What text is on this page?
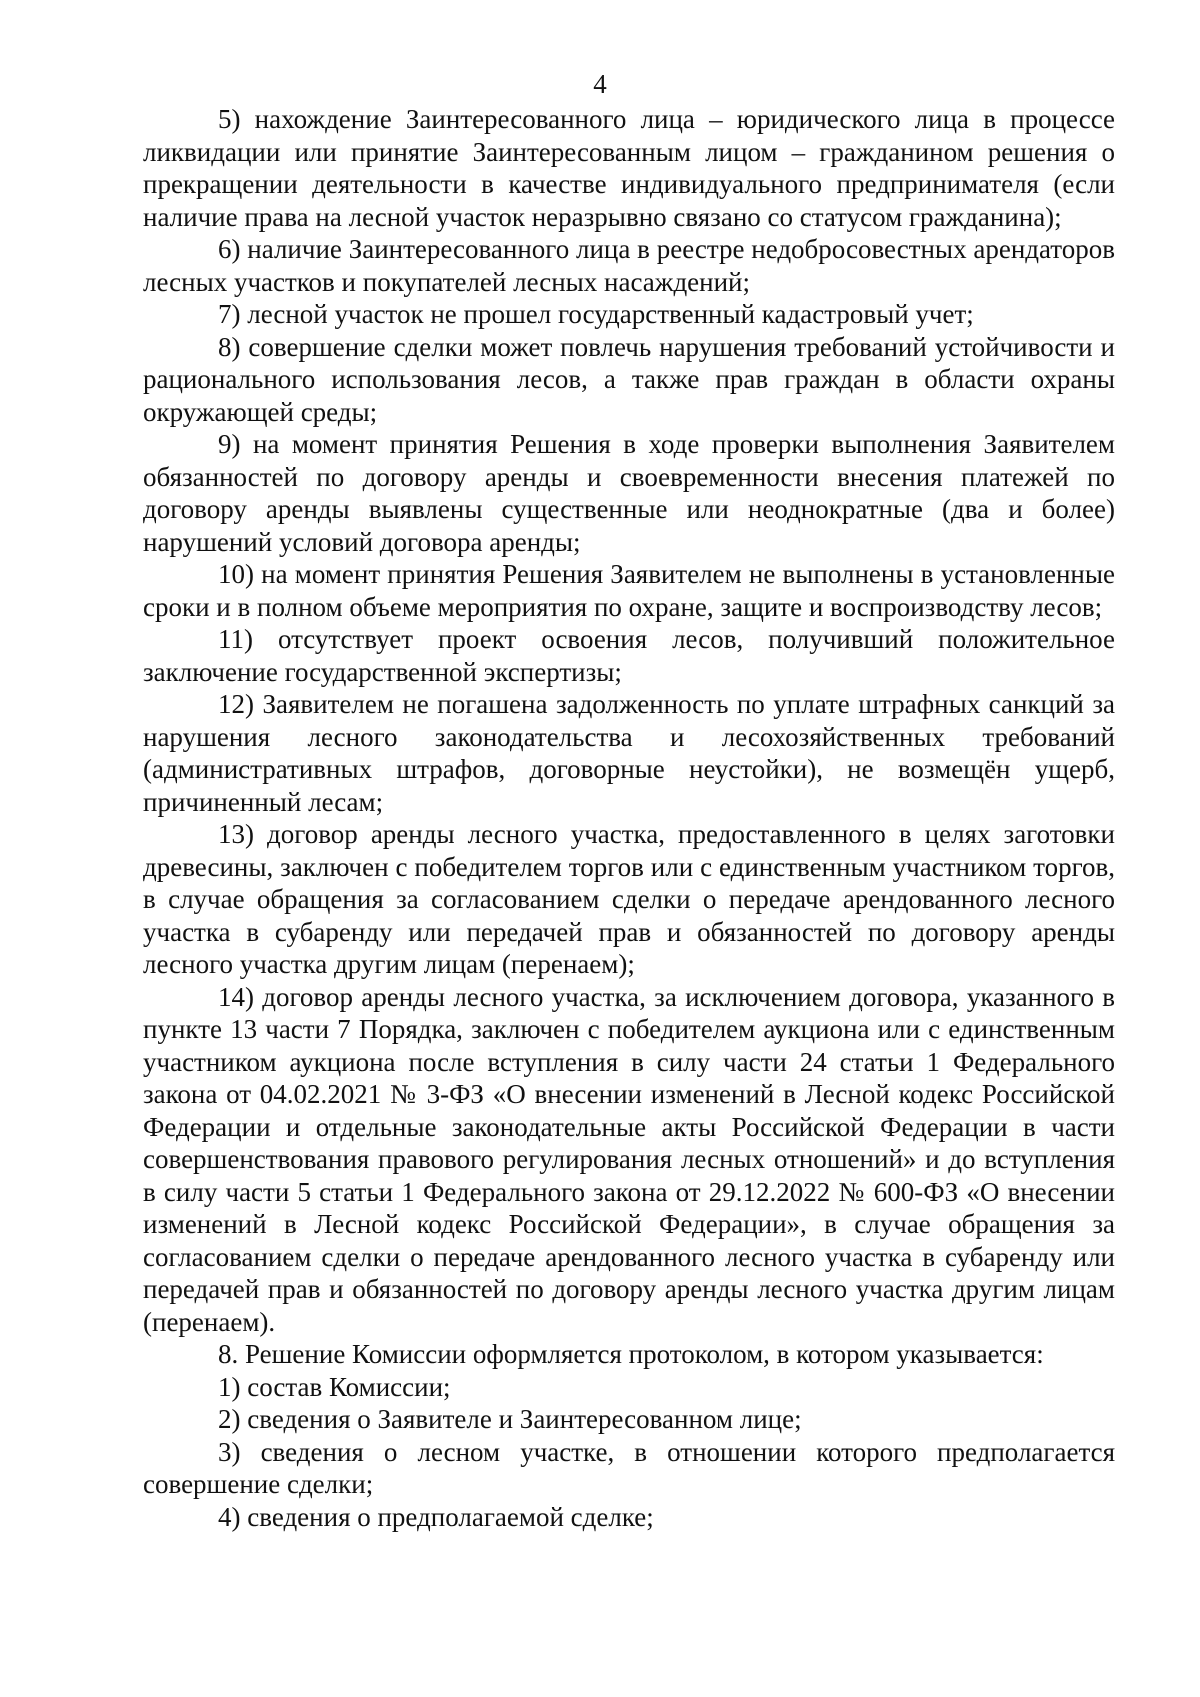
4

5) нахождение Заинтересованного лица – юридического лица в процессе ликвидации или принятие Заинтересованным лицом – гражданином решения о прекращении деятельности в качестве индивидуального предпринимателя (если наличие права на лесной участок неразрывно связано со статусом гражданина);

6) наличие Заинтересованного лица в реестре недобросовестных арендаторов лесных участков и покупателей лесных насаждений;

7) лесной участок не прошел государственный кадастровый учет;

8) совершение сделки может повлечь нарушения требований устойчивости и рационального использования лесов, а также прав граждан в области охраны окружающей среды;

9) на момент принятия Решения в ходе проверки выполнения Заявителем обязанностей по договору аренды и своевременности внесения платежей по договору аренды выявлены существенные или неоднократные (два и более) нарушений условий договора аренды;

10) на момент принятия Решения Заявителем не выполнены в установленные сроки и в полном объеме мероприятия по охране, защите и воспроизводству лесов;

11) отсутствует проект освоения лесов, получивший положительное заключение государственной экспертизы;

12) Заявителем не погашена задолженность по уплате штрафных санкций за нарушения лесного законодательства и лесохозяйственных требований (административных штрафов, договорные неустойки), не возмещён ущерб, причиненный лесам;

13) договор аренды лесного участка, предоставленного в целях заготовки древесины, заключен с победителем торгов или с единственным участником торгов, в случае обращения за согласованием сделки о передаче арендованного лесного участка в субаренду или передачей прав и обязанностей по договору аренды лесного участка другим лицам (перенаем);

14) договор аренды лесного участка, за исключением договора, указанного в пункте 13 части 7 Порядка, заключен с победителем аукциона или с единственным участником аукциона после вступления в силу части 24 статьи 1 Федерального закона от 04.02.2021 № 3-ФЗ «О внесении изменений в Лесной кодекс Российской Федерации и отдельные законодательные акты Российской Федерации в части совершенствования правового регулирования лесных отношений» и до вступления в силу части 5 статьи 1 Федерального закона от 29.12.2022 № 600-ФЗ «О внесении изменений в Лесной кодекс Российской Федерации», в случае обращения за согласованием сделки о передаче арендованного лесного участка в субаренду или передачей прав и обязанностей по договору аренды лесного участка другим лицам (перенаем).

8. Решение Комиссии оформляется протоколом, в котором указывается:

1) состав Комиссии;

2) сведения о Заявителе и Заинтересованном лице;

3) сведения о лесном участке, в отношении которого предполагается совершение сделки;

4) сведения о предполагаемой сделке;
